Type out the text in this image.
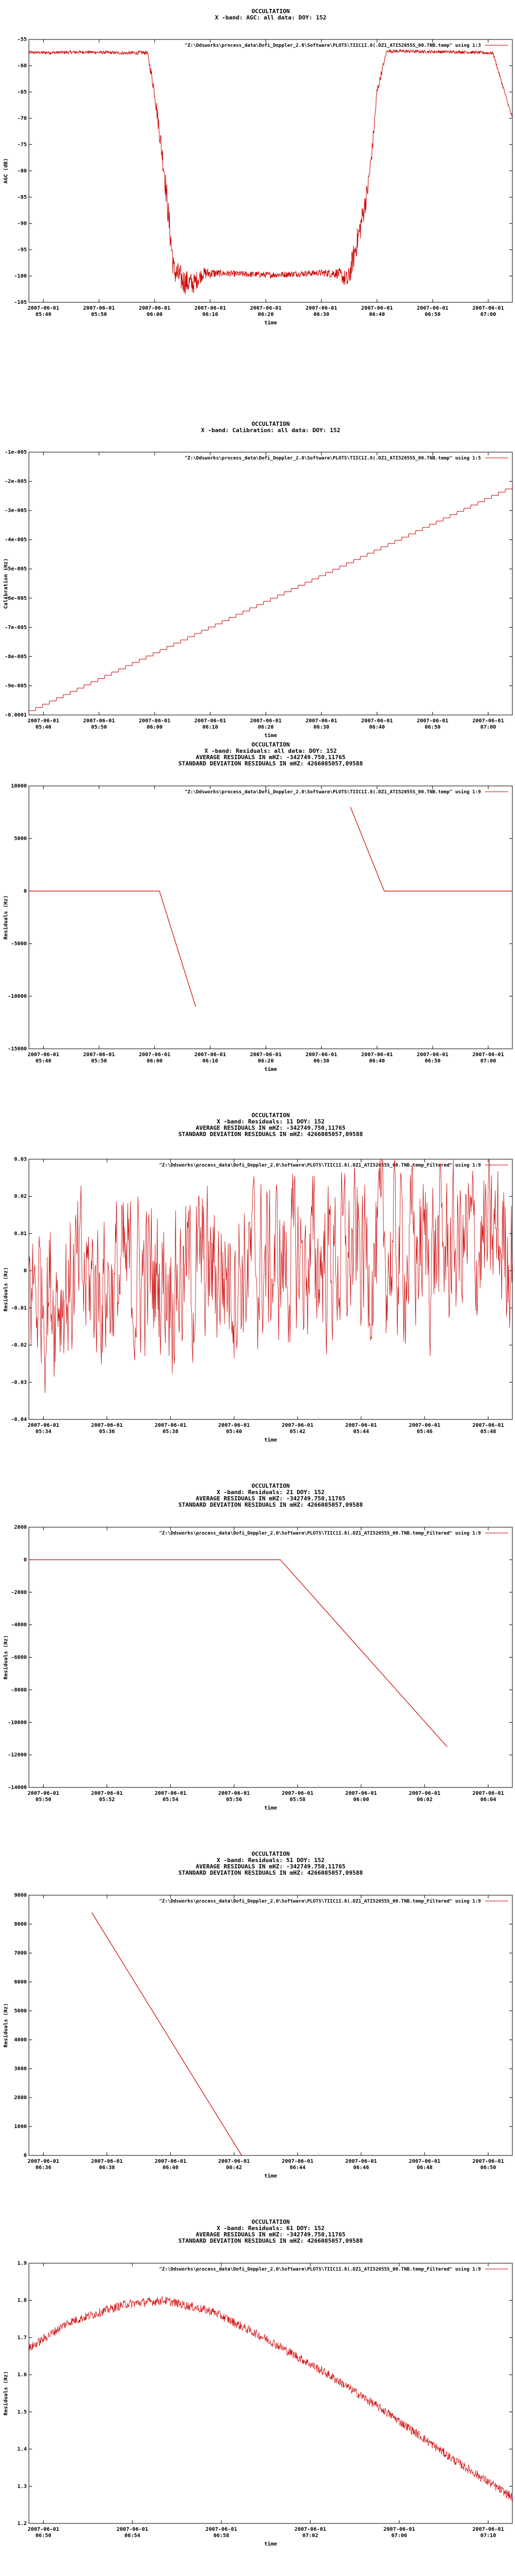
OCCULTATION
X -band: AGC: all data: DOY: 152
-55
-60
-65
-70
-75
-80
-85
-90
-95
-100
-105
2007-06-01
05:40
2007-06-01
05:50
2007-06-01
06:00
2007-06-01
06:10
2007-06-01
06:20
2007-06-01
06:30
2007-06-01
06:40
2007-06-01
06:50
2007-06-01
07:00
time
AGC (dB)
"Z:\Ddsworks\process_data\Dofi_Doppler_2.0\Software\PLOTS\TIIC1I.8(.DZ1_ATI52055S_00.TNB.temp" using 1:3
OCCULTATION
X -band: Calibration: all data: DOY: 152
-1e-005
-2e-005
-3e-005
-4e-005
-5e-005
-6e-005
-7e-005
-8e-005
-9e-005
-0.0001
2007-06-01
05:40
2007-06-01
05:50
2007-06-01
06:00
2007-06-01
06:10
2007-06-01
06:20
2007-06-01
06:30
2007-06-01
06:40
2007-06-01
06:50
2007-06-01
07:00
time
Calibration (Hz)
"Z:\Ddsworks\process_data\Dofi_Doppler_2.0\Software\PLOTS\TIIC1I.8(.DZ1_ATI52055S_00.TNB.temp" using 1:5
OCCULTATION
X -band: Residuals: all data: DOY: 152
AVERAGE RESIDUALS IN mHZ: -342749.750,11765
STANDARD DEVIATION RESIDUALS IN mHZ: 4266085057,09588
10000
5000
0
-5000
-10000
-15000
2007-06-01
05:40
2007-06-01
05:50
2007-06-01
06:00
2007-06-01
06:10
2007-06-01
06:20
2007-06-01
06:30
2007-06-01
06:40
2007-06-01
06:50
2007-06-01
07:00
time
Residuals (Hz)
"Z:\Ddsworks\process_data\Dofi_Doppler_2.0\Software\PLOTS\TIIC1I.8(.DZ1_ATI52055S_00.TNB.temp" using 1:9
OCCULTATION
X -band: Residuals: 11 DOY: 152
AVERAGE RESIDUALS IN mHZ: -342749.750,11765
STANDARD DEVIATION RESIDUALS IN mHZ: 4266085057,09588
0.03
0.02
0.01
0
-0.01
-0.02
-0.03
-0.04
2007-06-01
05:34
2007-06-01
05:36
2007-06-01
05:38
2007-06-01
05:40
2007-06-01
05:42
2007-06-01
05:44
2007-06-01
05:46
2007-06-01
05:48
time
Residuals (Hz)
"Z:\Ddsworks\process_data\Dofi_Doppler_2.0\Software\PLOTS\TIIC1I.8(.DZ1_ATI52055S_00.TNB.temp_Filtered" using 1:9
OCCULTATION
X -band: Residuals: 21 DOY: 152
AVERAGE RESIDUALS IN mHZ: -342749.750,11765
STANDARD DEVIATION RESIDUALS IN mHZ: 4266085057,09588
2000
0
-2000
-4000
-6000
-8000
-10000
-12000
-14000
2007-06-01
05:50
2007-06-01
05:52
2007-06-01
05:54
2007-06-01
05:56
2007-06-01
05:58
2007-06-01
06:00
2007-06-01
06:02
2007-06-01
06:04
time
Residuals (Hz)
"Z:\Ddsworks\process_data\Dofi_Doppler_2.0\Software\PLOTS\TIIC1I.8(.DZ1_ATI52055S_00.TNB.temp_Filtered" using 1:9
OCCULTATION
X -band: Residuals: 51 DOY: 152
AVERAGE RESIDUALS IN mHZ: -342749.750,11765
STANDARD DEVIATION RESIDUALS IN mHZ: 4266085057,09588
9000
8000
7000
6000
5000
4000
3000
2000
1000
0
2007-06-01
06:36
2007-06-01
06:38
2007-06-01
06:40
2007-06-01
06:42
2007-06-01
06:44
2007-06-01
06:46
2007-06-01
06:48
2007-06-01
06:50
time
Residuals (Hz)
"Z:\Ddsworks\process_data\Dofi_Doppler_2.0\Software\PLOTS\TIIC1I.8(.DZ1_ATI52055S_00.TNB.temp_Filtered" using 1:9
OCCULTATION
X -band: Residuals: 61 DOY: 152
AVERAGE RESIDUALS IN mHZ: -342749.750,11765
STANDARD DEVIATION RESIDUALS IN mHZ: 4266085057,09588
1.9
1.8
1.7
1.6
1.5
1.4
1.3
1.2
2007-06-01
06:50
2007-06-01
06:54
2007-06-01
06:58
2007-06-01
07:02
2007-06-01
07:06
2007-06-01
07:10
time
Residuals (Hz)
"Z:\Ddsworks\process_data\Dofi_Doppler_2.0\Software\PLOTS\TIIC1I.8(.DZ1_ATI52055S_00.TNB.temp_Filtered" using 1:9
